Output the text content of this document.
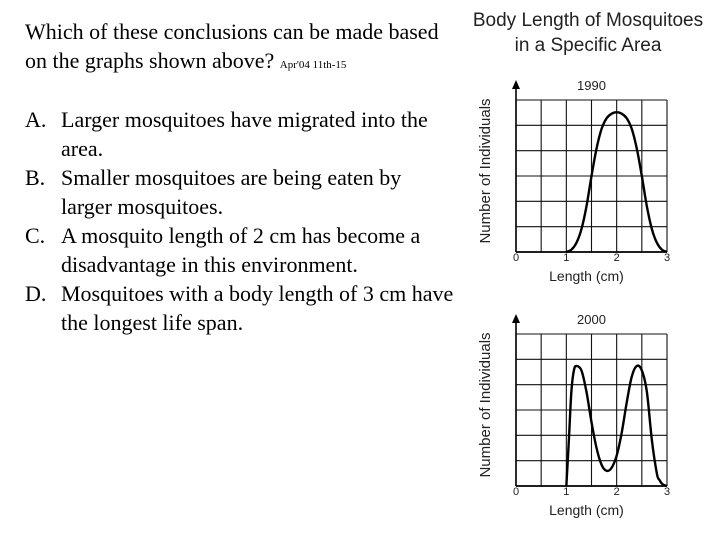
Which of these conclusions can be made based on the graphs shown above? Apr'04 11th-15
A. Larger mosquitoes have migrated into the area.
B. Smaller mosquitoes are being eaten by larger mosquitoes.
C. A mosquito length of 2 cm has become a disadvantage in this environment.
D. Mosquitoes with a body length of 3 cm have the longest life span.
Body Length of Mosquitoes
in a Specific Area
1990
0	1	2	3
Length (cm)
Number of Individuals
2000
0	1	2	3
Length (cm)
Number of Individuals
